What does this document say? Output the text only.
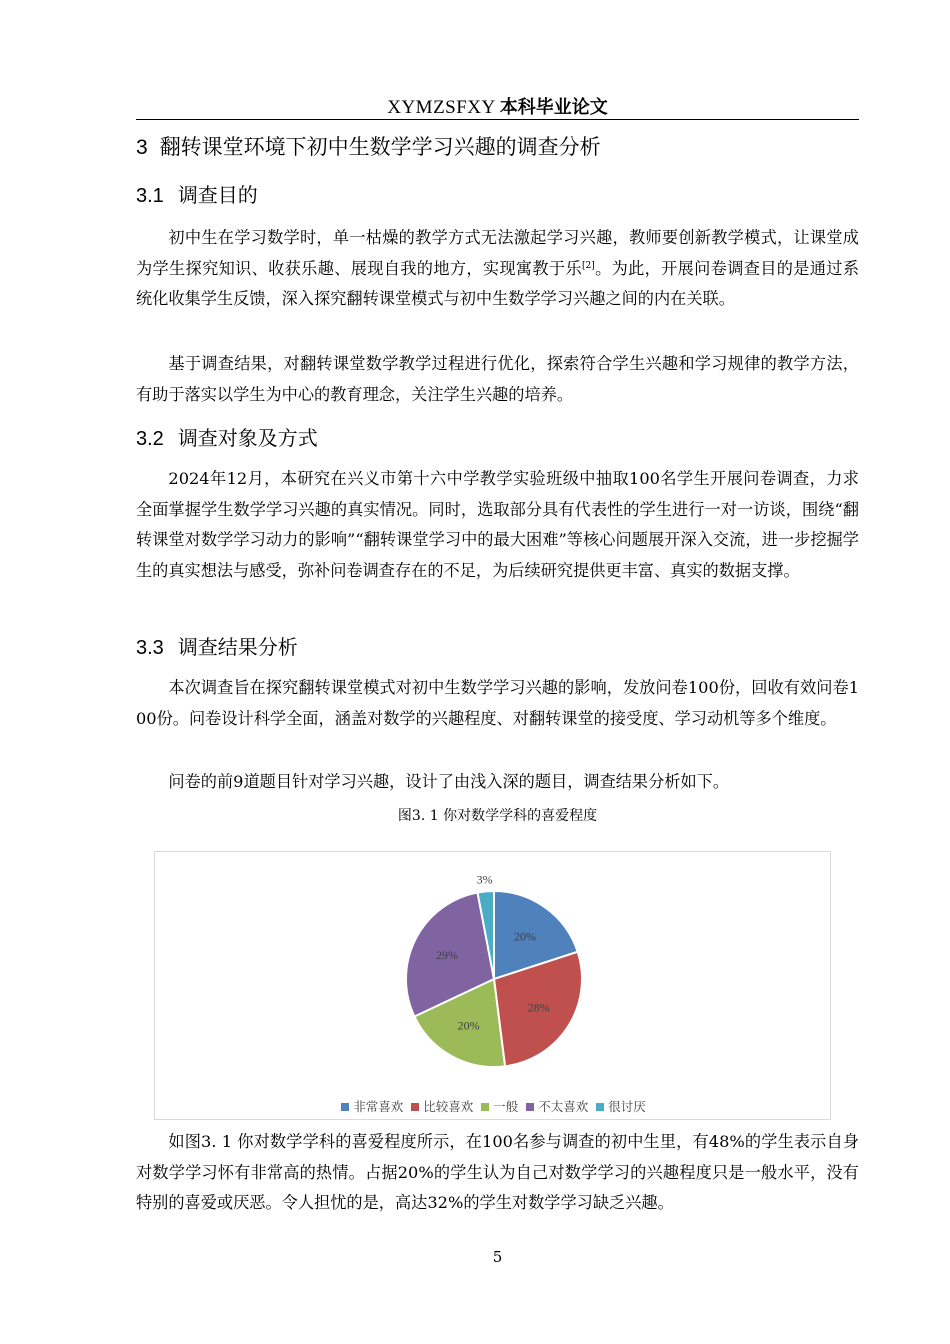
XYMZSFXY 本科毕业论文
3 翻转课堂环境下初中生数学学习兴趣的调查分析
3.1 调查目的
初中生在学习数学时，单一枯燥的教学方式无法激起学习兴趣，教师要创新教学模式，让课堂成为学生探究知识、收获乐趣、展现自我的地方，实现寓教于乐[2]。为此，开展问卷调查目的是通过系统化收集学生反馈，深入探究翻转课堂模式与初中生数学学习兴趣之间的内在关联。
基于调查结果，对翻转课堂数学教学过程进行优化，探索符合学生兴趣和学习规律的教学方法，有助于落实以学生为中心的教育理念，关注学生兴趣的培养。
3.2 调查对象及方式
2024年12月，本研究在兴义市第十六中学教学实验班级中抽取100名学生开展问卷调查，力求全面掌握学生数学学习兴趣的真实情况。同时，选取部分具有代表性的学生进行一对一访谈，围绕“翻转课堂对数学学习动力的影响”“翻转课堂学习中的最大困难”等核心问题展开深入交流，进一步挖掘学生的真实想法与感受，弥补问卷调查存在的不足，为后续研究提供更丰富、真实的数据支撑。
3.3 调查结果分析
本次调查旨在探究翻转课堂模式对初中生数学学习兴趣的影响，发放问卷100份，回收有效问卷100份。问卷设计科学全面，涵盖对数学的兴趣程度、对翻转课堂的接受度、学习动机等多个维度。
问卷的前9道题目针对学习兴趣，设计了由浅入深的题目，调查结果分析如下。
图3. 1 你对数学学科的喜爱程度
20%
28%
20%
29%
3%
非常喜欢 比较喜欢 一般 不太喜欢 很讨厌
如图3. 1 你对数学学科的喜爱程度所示，在100名参与调查的初中生里，有48%的学生表示自身对数学学习怀有非常高的热情。占据20%的学生认为自己对数学学习的兴趣程度只是一般水平，没有特别的喜爱或厌恶。令人担忧的是，高达32%的学生对数学学习缺乏兴趣。
5
